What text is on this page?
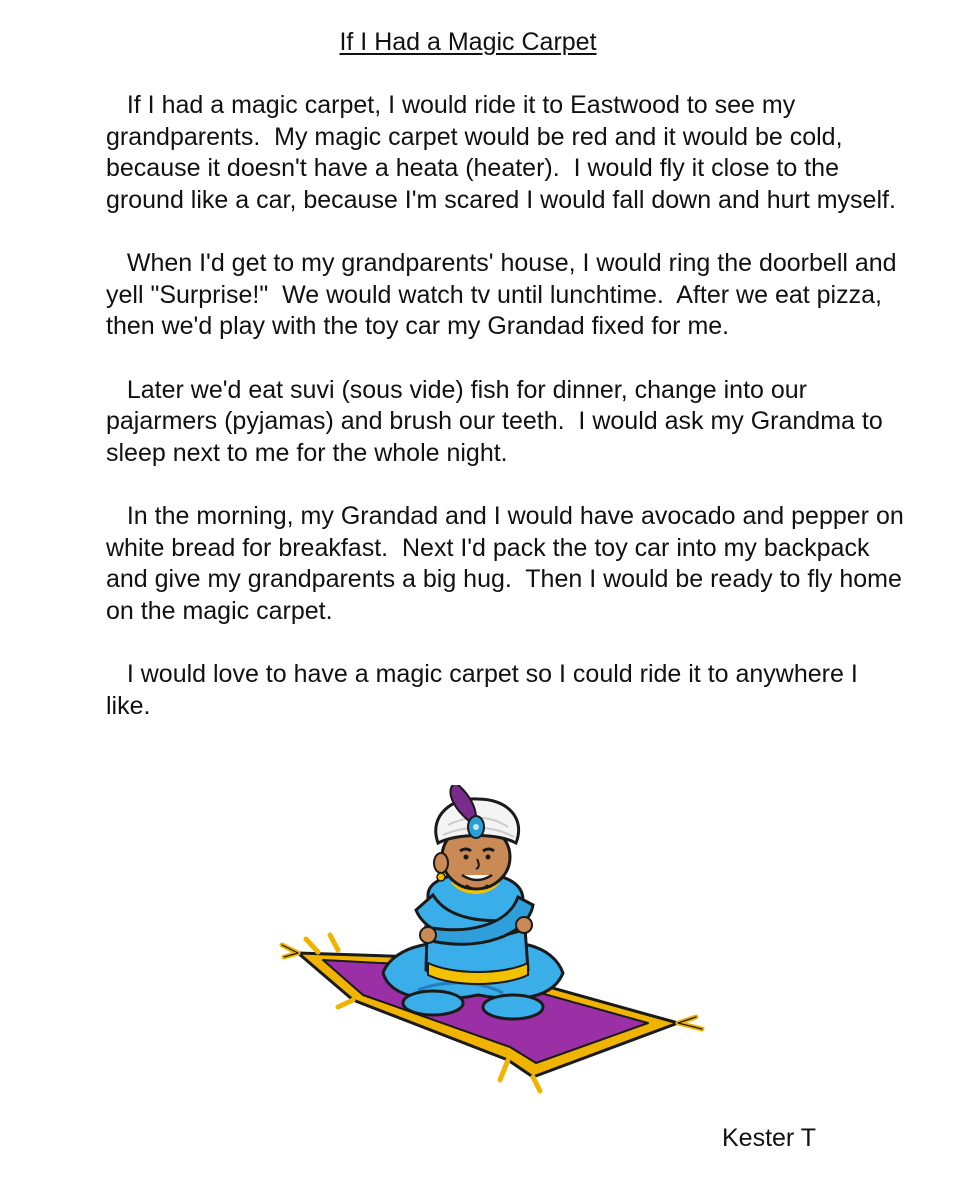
If I Had a Magic Carpet

If I had a magic carpet, I would ride it to Eastwood to see my grandparents.  My magic carpet would be red and it would be cold, because it doesn't have a heata (heater).  I would fly it close to the ground like a car, because I'm scared I would fall down and hurt myself.

When I'd get to my grandparents' house, I would ring the doorbell and yell "Surprise!"  We would watch tv until lunchtime.  After we eat pizza, then we'd play with the toy car my Grandad fixed for me.

Later we'd eat suvi (sous vide) fish for dinner, change into our pajarmers (pyjamas) and brush our teeth.  I would ask my Grandma to sleep next to me for the whole night.

In the morning, my Grandad and I would have avocado and pepper on white bread for breakfast.  Next I'd pack the toy car into my backpack and give my grandparents a big hug.  Then I would be ready to fly home on the magic carpet.

I would love to have a magic carpet so I could ride it to anywhere I like.

Kester T
